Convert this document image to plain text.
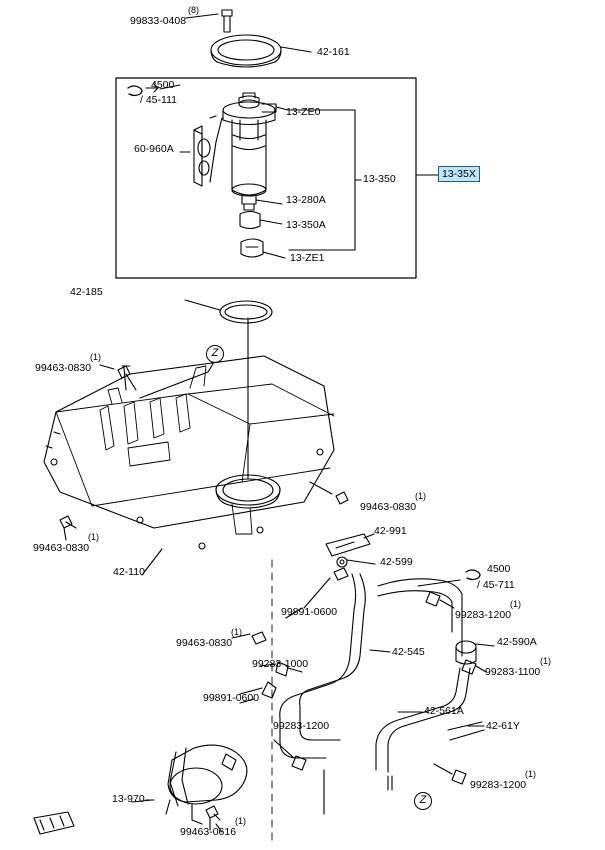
99833-0408
(8)
42-161
4500
/ 45-111
13-ZE0
60-960A
13-350
13-280A
13-350A
13-ZE1
13-35X
42-185
99463-0830
(1)
99463-0830
(1)
99463-0830
(1)
42-110
42-991
42-599
99891-0600
4500
/ 45-711
99283-1200
(1)
42-590A
99283-1100
(1)
99463-0830
(1)
99283-1000
42-545
99891-0600
42-561A
99283-1200	42-61Y
13-970
99283-1200
(1)
99463-0616
(1)
Z
Z
